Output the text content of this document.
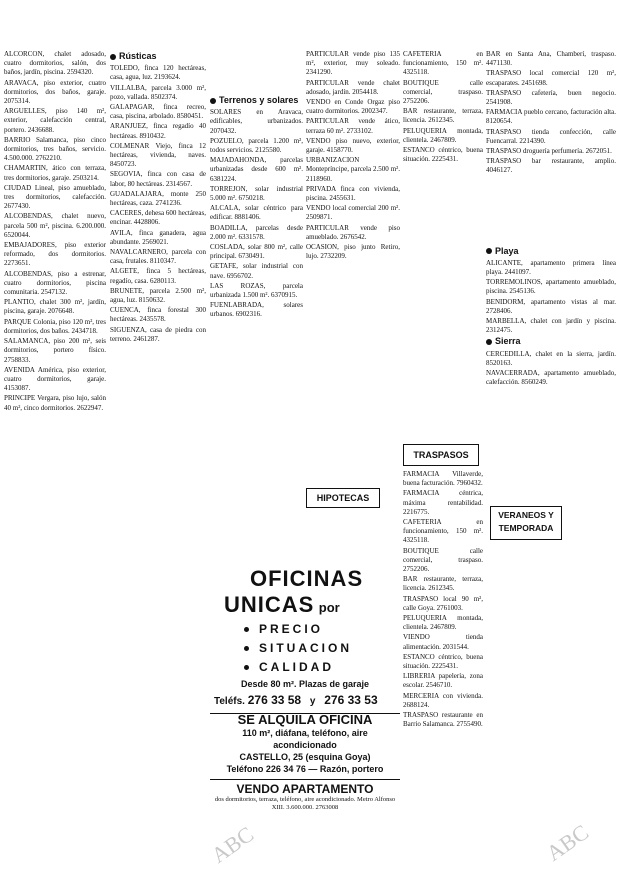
ALCORCON, chalet adosado, cuatro dormitorios, salón, dos baños, jardín, piscina. 2594320.

ARAVACA, piso exterior, cuatro dormitorios, dos baños, garaje. 2075314.

ARGUELLES, piso 140 m², exterior, calefacción central, portero. 2436688.

BARRIO Salamanca, piso cinco dormitorios, tres baños, servicio. 4.500.000. 2762210.

CHAMARTIN, ático con terraza, tres dormitorios, garaje. 2503214.

CIUDAD Lineal, piso amueblado, tres dormitorios, calefacción. 2677430.

ALCOBENDAS, chalet nuevo, parcela 500 m², piscina. 6.200.000. 6520044.

EMBAJADORES, piso exterior reformado, dos dormitorios. 2273651.

ALCOBENDAS, piso a estrenar, cuatro dormitorios, piscina comunitaria. 2547132.

PLANTIO, chalet 300 m², jardín, piscina, garaje. 2076648.

PARQUE Colonia, piso 120 m², tres dormitorios, dos baños. 2434718.

SALAMANCA, piso 200 m², seis dormitorios, portero físico. 2758833.

AVENIDA América, piso exterior, cuatro dormitorios, garaje. 4153087.

PRINCIPE Vergara, piso lujo, salón 40 m², cinco dormitorios. 2622947.

Rústicas

TOLEDO, finca 120 hectáreas, casa, agua, luz. 2193624.

VILLALBA, parcela 3.000 m², pozo, vallada. 8502374.

GALAPAGAR, finca recreo, casa, piscina, arbolado. 8580451.

ARANJUEZ, finca regadío 40 hectáreas. 8910432.

COLMENAR Viejo, finca 12 hectáreas, vivienda, naves. 8450723.

SEGOVIA, finca con casa de labor, 80 hectáreas. 2314567.

GUADALAJARA, monte 250 hectáreas, caza. 2741236.

CACERES, dehesa 600 hectáreas, encinar. 4428806.

AVILA, finca ganadera, agua abundante. 2569021.

NAVALCARNERO, parcela con casa, frutales. 8110347.

ALGETE, finca 5 hectáreas, regadío, casa. 6280113.

BRUNETE, parcela 2.500 m², agua, luz. 8150632.

CUENCA, finca forestal 300 hectáreas. 2435578.

SIGUENZA, casa de piedra con terreno. 2461287.

Terrenos y solares

SOLARES en Aravaca, edificables, urbanizados. 2070432.

POZUELO, parcela 1.200 m², todos servicios. 2125580.

MAJADAHONDA, parcelas urbanizadas desde 600 m². 6381224.

TORREJON, solar industrial 5.000 m². 6750218.

ALCALA, solar céntrico para edificar. 8881406.

BOADILLA, parcelas desde 2.000 m². 6331578.

COSLADA, solar 800 m², calle principal. 6730491.

GETAFE, solar industrial con nave. 6956702.

LAS ROZAS, parcela urbanizada 1.500 m². 6370915.

FUENLABRADA, solares urbanos. 6902316.

PARTICULAR vende piso 135 m², exterior, muy soleado. 2341290.

PARTICULAR vende chalet adosado, jardín. 2054418.

VENDO en Conde Orgaz piso cuatro dormitorios. 2002347.

PARTICULAR vende ático, terraza 60 m². 2733102.

VENDO piso nuevo, exterior, garaje. 4158770.

URBANIZACION Montepríncipe, parcela 2.500 m². 2118960.

PRIVADA finca con vivienda, piscina. 2455631.

VENDO local comercial 200 m². 2509871.

PARTICULAR vende piso amueblado. 2676542.

OCASION, piso junto Retiro, lujo. 2732209.

FARMACIA Villaverde, buena facturación. 7960432.

FARMACIA céntrica, máxima rentabilidad. 2216775.

CAFETERIA en funcionamiento, 150 m². 4325118.

BOUTIQUE calle comercial, traspaso. 2752206.

BAR restaurante, terraza, licencia. 2612345.

TRASPASO local 90 m², calle Goya. 2761003.

PELUQUERIA montada, clientela. 2467809.

VIENDO tienda alimentación. 2031544.

ESTANCO céntrico, buena situación. 2225431.

LIBRERIA papelería, zona escolar. 2546710.

MERCERIA con vivienda. 2688124.

TRASPASO restaurante en Barrio Salamanca. 2755490.

CAFETERIA en funcionamiento, 150 m². 4325118.

BOUTIQUE calle comercial, traspaso. 2752206.

BAR restaurante, terraza, licencia. 2612345.

PELUQUERIA montada, clientela. 2467809.

ESTANCO céntrico, buena situación. 2225431.

BAR en Santa Ana, Chamberí, traspaso. 4471130.

TRASPASO local comercial 120 m², escaparates. 2451698.

TRASPASO cafetería, buen negocio. 2541908.

FARMACIA pueblo cercano, facturación alta. 8120654.

TRASPASO tienda confección, calle Fuencarral. 2214390.

TRASPASO droguería perfumería. 2672051.

TRASPASO bar restaurante, amplio. 4046127.

Playa

ALICANTE, apartamento primera línea playa. 2441097.

TORREMOLINOS, apartamento amueblado, piscina. 2545136.

BENIDORM, apartamento vistas al mar. 2728406.

MARBELLA, chalet con jardín y piscina. 2312475.

Sierra

CERCEDILLA, chalet en la sierra, jardín. 8520163.

NAVACERRADA, apartamento amueblado, calefacción. 8560249.

HIPOTECAS
TRASPASOS
VERANEOS Y TEMPORADA
OFICINAS
UNICAS por
PRECIO
SITUACION
CALIDAD
Desde 80 m². Plazas de garaje
Teléfs. 276 33 58 y 276 33 53
SE ALQUILA OFICINA
110 m², diáfana, teléfono, aire acondicionado
CASTELLO, 25 (esquina Goya)
Teléfono 226 34 76 — Razón, portero
VENDO APARTAMENTO
dos dormitorios, terraza, teléfono, aire acondicionado. Metro Alfonso XIII. 3.600.000. 2763008
ABC	ABC
